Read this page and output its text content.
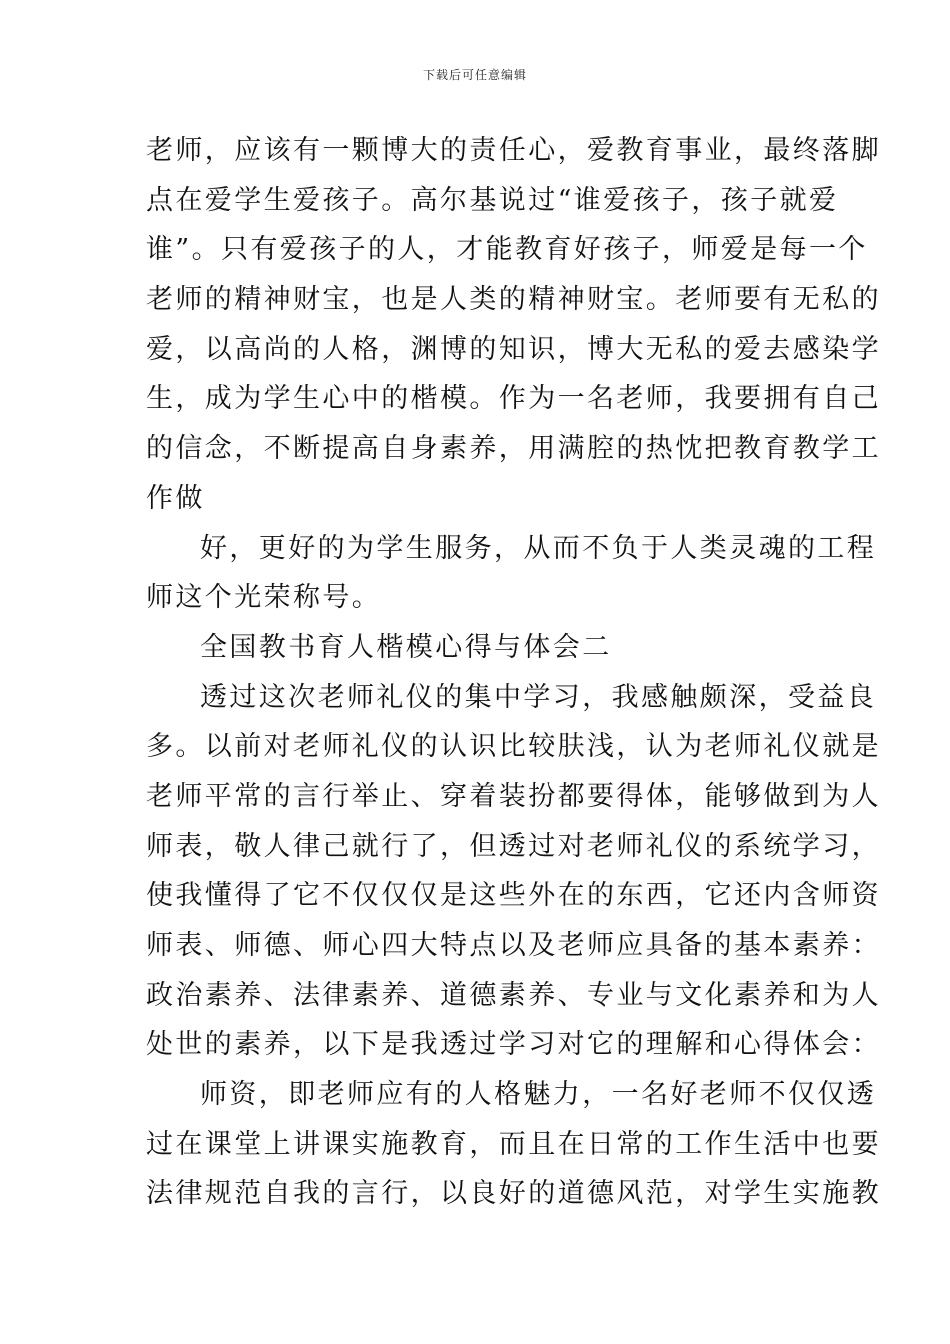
下载后可任意编辑
老师，应该有一颗博大的责任心，爱教育事业，最终落脚
点在爱学生爱孩子。高尔基说过“谁爱孩子，孩子就爱
谁”。只有爱孩子的人，才能教育好孩子，师爱是每一个
老师的精神财宝，也是人类的精神财宝。老师要有无私的
爱，以高尚的人格，渊博的知识，博大无私的爱去感染学
生，成为学生心中的楷模。作为一名老师，我要拥有自己
的信念，不断提高自身素养，用满腔的热忱把教育教学工
作做
好，更好的为学生服务，从而不负于人类灵魂的工程
师这个光荣称号。
全国教书育人楷模心得与体会二
透过这次老师礼仪的集中学习，我感触颇深，受益良
多。以前对老师礼仪的认识比较肤浅，认为老师礼仪就是
老师平常的言行举止、穿着装扮都要得体，能够做到为人
师表，敬人律己就行了，但透过对老师礼仪的系统学习，
使我懂得了它不仅仅仅是这些外在的东西，它还内含师资
师表、师德、师心四大特点以及老师应具备的基本素养：
政治素养、法律素养、道德素养、专业与文化素养和为人
处世的素养，以下是我透过学习对它的理解和心得体会：
师资，即老师应有的人格魅力，一名好老师不仅仅透
过在课堂上讲课实施教育，而且在日常的工作生活中也要
法律规范自我的言行，以良好的道德风范，对学生实施教
